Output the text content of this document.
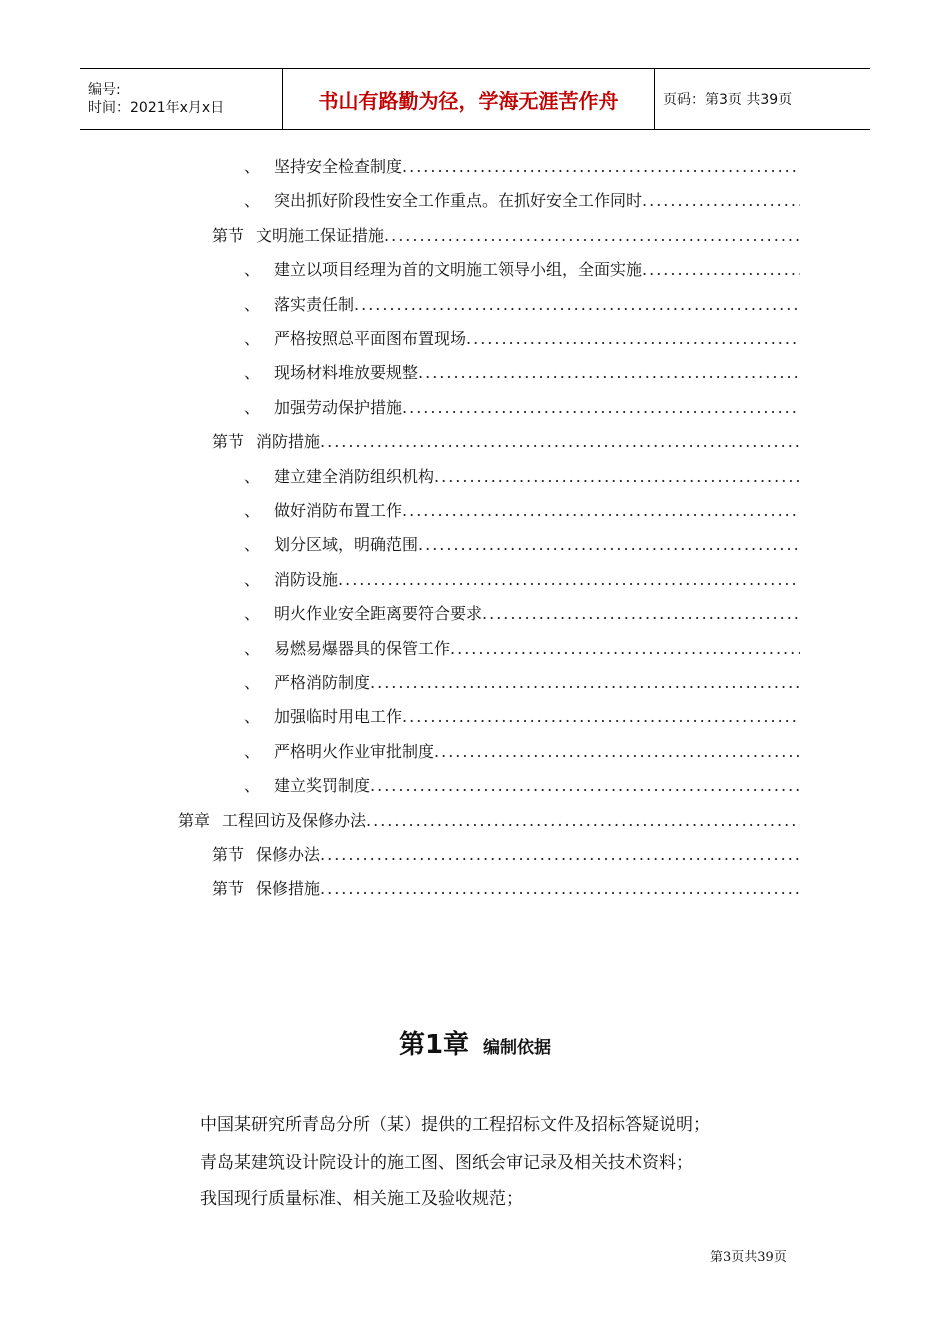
编号:
时间：2021年x月x日	书山有路勤为径，学海无涯苦作舟	页码：第3页 共39页
、 坚持安全检查制度
.....
、 突出抓好阶段性安全工作重点。在抓好安全工作同时
.....
第节 文明施工保证措施
.....
、 建立以项目经理为首的文明施工领导小组，全面实施
.....
、 落实责任制
.....
、 严格按照总平面图布置现场
.....
、 现场材料堆放要规整
.....
、 加强劳动保护措施
.....
第节 消防措施
.....
、 建立建全消防组织机构
.....
、 做好消防布置工作
.....
、 划分区域，明确范围
.....
、 消防设施
.....
、 明火作业安全距离要符合要求
.....
、 易燃易爆器具的保管工作
.....
、 严格消防制度
.....
、 加强临时用电工作
.....
、 严格明火作业审批制度
.....
、 建立奖罚制度
.....
第章 工程回访及保修办法
.....
第节 保修办法
.....
第节 保修措施
.....
第1章 编制依据
中国某研究所青岛分所（某）提供的工程招标文件及招标答疑说明；
青岛某建筑设计院设计的施工图、图纸会审记录及相关技术资料；
我国现行质量标准、相关施工及验收规范；
第3页共39页
